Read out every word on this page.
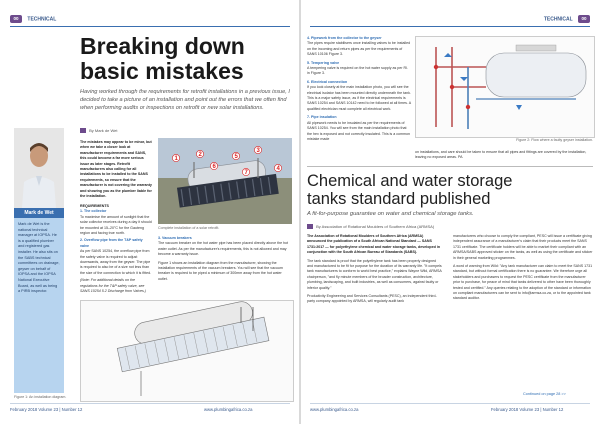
00 TECHNICAL
Breaking down
basic mistakes
Having worked through the requirements for retrofit installations in a previous issue, I decided to take a picture of an installation and point out the errors that we often find when performing audits or inspections on retrofit or new solar installations.
By Mark de Wet
Mark de Wet
Mark de Wet is the national technical manager at IOPSA. He is a qualified plumber and registered gas installer. He also sits on the SABS technical committees on drainage, geyser on behalf of IOPSA and the IOPSA National Executive Board, as well as being a PIRB inspector.
The mistakes may appear to be minor, but when we take a closer look at manufacturer requirements and SANS, this could become a far more serious issue as later stages. Retrofit manufacturers also calling for all installations to be installed to the SANS requirements, so ensure that the manufacturer is not covering the warranty and showing you as the plumber liable for the installation.
REQUIREMENTS
1. The collector
To maximise the amount of sunlight that the solar collector receives during a day it should be mounted at 15–20°C for the Gauteng region and facing true north.
2. Overflow pipe from the T&P safety valve
As per SANS 10254, the overflow pipe from the safety valve is required to adjust downwards, away from the geyser. The pipe is required to also be of a size not less than the size of the connection to which it is fitted.
(Note: For additional details on the regulations for the T&P safety valve, see SANS 10254 5.2 Discharge from Valves.)
1
2
3
4
5
6
7
Complete installation of a solar retrofit.
3. Vacuum breakers
The vacuum breaker on the hot water pipe has been placed directly above the hot water outlet. As per the manufacturer's requirements, this is not allowed and may become a warranty issue.
Figure 1 shows an installation diagram from the manufacturer, showing the installation requirements of the vacuum breakers. You will see that the vacuum breaker is required to be piped a minimum of 300mm away from the hot water outlet.
Figure 1: An installation diagram.
February 2018 Volume 23 | Number 12	www.plumbingafrica.co.za
TECHNICAL 00
4. Pipework from the collector to the geyser
The pipes require stabilisers once installing valves to be installed on the incoming and return pipes as per the requirements of SANS 10106 Figure 3.
5. Tempering valve
A tempering valve is required on the hot water supply as per Rl. in Figure 3.
6. Electrical connection
If you look closely at the main installation photo, you will see the electrical isolator has been mounted directly underneath the tank. This is a major safety issue, as if the electrical requirements is SANS 10254 and SANS 10142 need to be followed at all times. A qualified electrician must complete all electrical work.
7. Pipe insulation
All pipework needs to be insulated as per the requirements of SANS 10254. You will see from the main installation photo that the hex is exposed and not correctly insulated. This is a common mistake made	Figure 2: Flow where a faulty geyser installation.
on installations, and care should be taken to ensure that all pipes and fittings are covered by the installation, leaving no exposed areas. PA
Chemical and water storage
tanks standard published
A fit-for-purpose guarantee on water and chemical storage tanks.
By Association of Rotational Moulders of Southern Africa (ARMSA)
The Association of Rotational Moulders of Southern Africa (ARMSA) announced the publication of a South African National Standard — SANS 1731:2017 — for polyethylene chemical and water storage tanks, developed in conjunction with the South African Bureau of Standards (SABS).
The tank standard is proof that the polyethylene tank has been properly designed and manufactured to be fit for purpose for the duration of its warranty life. "It compels tank manufacturers to conform to world best practice," explains Wayne Wild, ARMSA chairperson, "and fly minute members of the broader construction, architecture, plumbing, landscaping, and built industries, as well as consumers, against faulty or inferior quality."
Productivity Engineering and Services Consultants (PESC), an independent third-party company appointed by ARMSA, will regularly audit tank
manufacturers who choose to comply the compliant, PESC will issue a certificate giving independent assurance of a manufacturer's claim that their products meet the SANS 1731 certificate. The certificate holders will be able to market their compliant with an ARMSA/SABS approved sticker on the tanks, as well as using the certificate and sticker in their general marketing programmes.
A word of warning from Wild: "Any tank manufacturer can claim to meet the SANS 1731 standard, but without formal certification there is no guarantee. We therefore urge all stakeholders and purchasers to request the PESC certificate from the manufacturer prior to purchase, for peace of mind that tanks delivered to other have been thoroughly tested and certified." Any queries relating to the adoption of the standard or information on compliant manufacturers can be sent to info@armsa.co.za, or to the appointed tank standard auditor.
Continued on page 28 >>
www.plumbingafrica.co.za	February 2018 Volume 23 | Number 12
